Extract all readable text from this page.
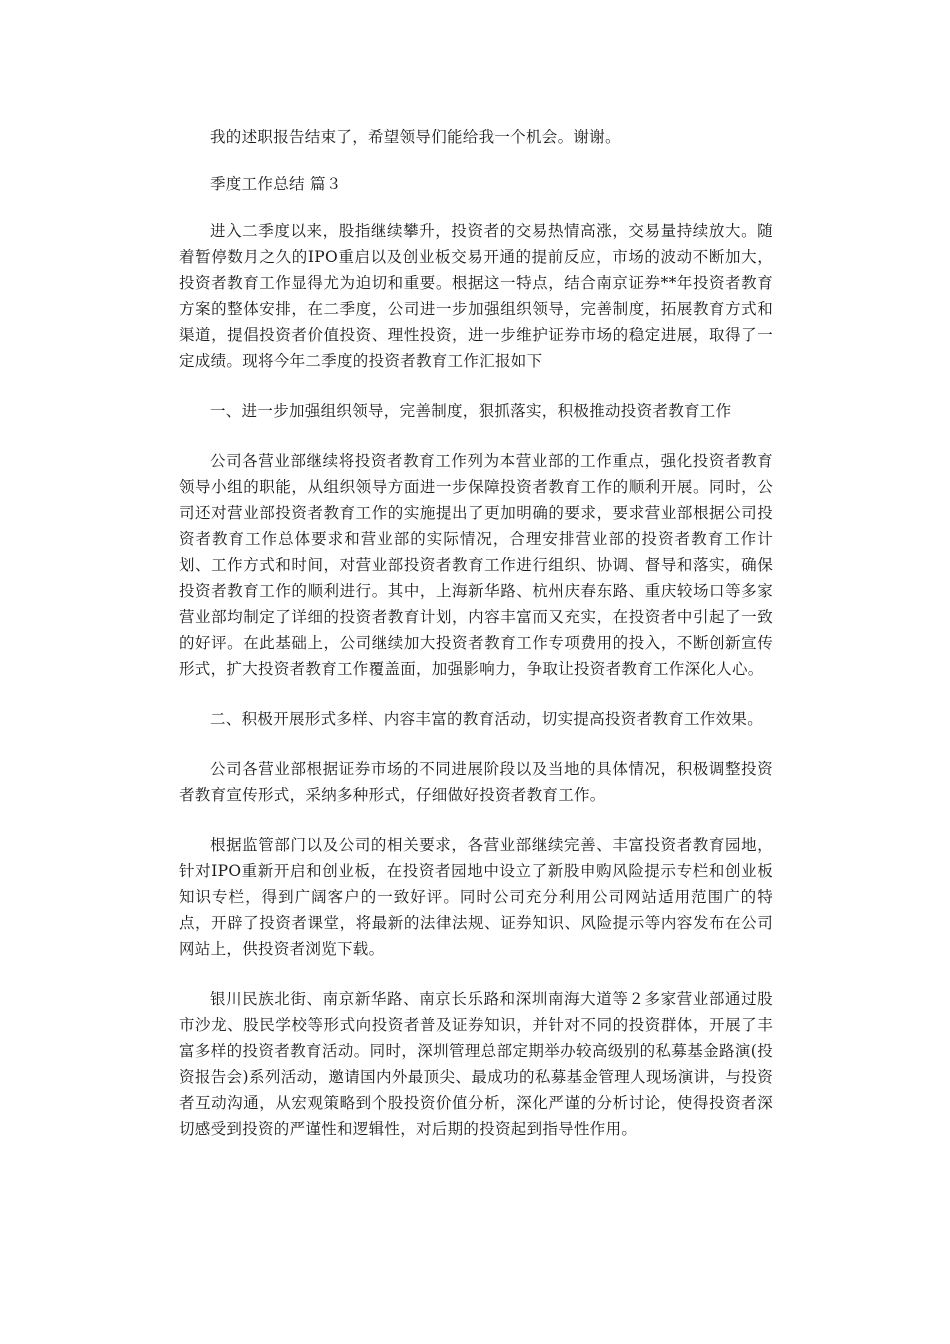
我的述职报告结束了，希望领导们能给我一个机会。谢谢。

季度工作总结 篇３

进入二季度以来，股指继续攀升，投资者的交易热情高涨，交易量持续放大。随着暂停数月之久的IPO重启以及创业板交易开通的提前反应，市场的波动不断加大，投资者教育工作显得尤为迫切和重要。根据这一特点，结合南京证券**年投资者教育方案的整体安排，在二季度，公司进一步加强组织领导，完善制度，拓展教育方式和渠道，提倡投资者价值投资、理性投资，进一步维护证券市场的稳定进展，取得了一定成绩。现将今年二季度的投资者教育工作汇报如下

一、进一步加强组织领导，完善制度，狠抓落实，积极推动投资者教育工作

公司各营业部继续将投资者教育工作列为本营业部的工作重点，强化投资者教育领导小组的职能，从组织领导方面进一步保障投资者教育工作的顺利开展。同时，公司还对营业部投资者教育工作的实施提出了更加明确的要求，要求营业部根据公司投资者教育工作总体要求和营业部的实际情况，合理安排营业部的投资者教育工作计划、工作方式和时间，对营业部投资者教育工作进行组织、协调、督导和落实，确保投资者教育工作的顺利进行。其中，上海新华路、杭州庆春东路、重庆较场口等多家营业部均制定了详细的投资者教育计划，内容丰富而又充实，在投资者中引起了一致的好评。在此基础上，公司继续加大投资者教育工作专项费用的投入，不断创新宣传形式，扩大投资者教育工作覆盖面，加强影响力，争取让投资者教育工作深化人心。

二、积极开展形式多样、内容丰富的教育活动，切实提高投资者教育工作效果。

公司各营业部根据证券市场的不同进展阶段以及当地的具体情况，积极调整投资者教育宣传形式，采纳多种形式，仔细做好投资者教育工作。

根据监管部门以及公司的相关要求，各营业部继续完善、丰富投资者教育园地，针对IPO重新开启和创业板，在投资者园地中设立了新股申购风险提示专栏和创业板知识专栏，得到广阔客户的一致好评。同时公司充分利用公司网站适用范围广的特点，开辟了投资者课堂，将最新的法律法规、证券知识、风险提示等内容发布在公司网站上，供投资者浏览下载。

银川民族北街、南京新华路、南京长乐路和深圳南海大道等２多家营业部通过股市沙龙、股民学校等形式向投资者普及证券知识，并针对不同的投资群体，开展了丰富多样的投资者教育活动。同时，深圳管理总部定期举办较高级别的私募基金路演(投资报告会)系列活动，邀请国内外最顶尖、最成功的私募基金管理人现场演讲，与投资者互动沟通，从宏观策略到个股投资价值分析，深化严谨的分析讨论，使得投资者深切感受到投资的严谨性和逻辑性，对后期的投资起到指导性作用。
